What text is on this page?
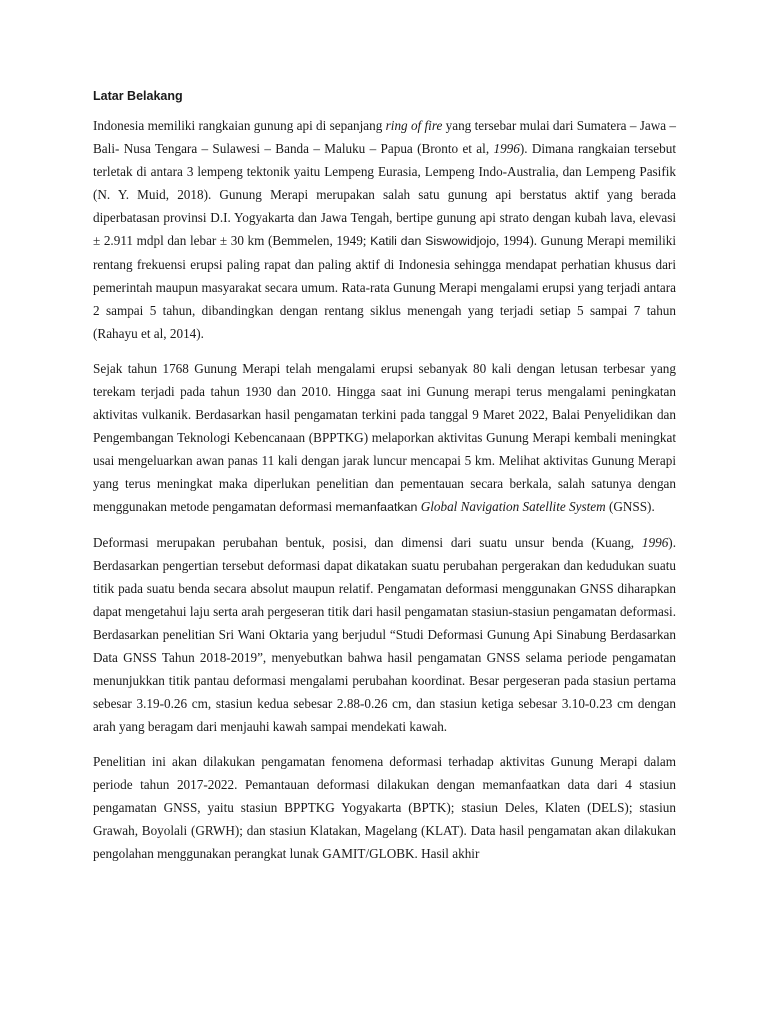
Latar Belakang

Indonesia memiliki rangkaian gunung api di sepanjang ring of fire yang tersebar mulai dari Sumatera – Jawa – Bali- Nusa Tengara – Sulawesi – Banda – Maluku – Papua (Bronto et al, 1996). Dimana rangkaian tersebut terletak di antara 3 lempeng tektonik yaitu Lempeng Eurasia, Lempeng Indo-Australia, dan Lempeng Pasifik (N. Y. Muid, 2018). Gunung Merapi merupakan salah satu gunung api berstatus aktif yang berada diperbatasan provinsi D.I. Yogyakarta dan Jawa Tengah, bertipe gunung api strato dengan kubah lava, elevasi ± 2.911 mdpl dan lebar ± 30 km (Bemmelen, 1949; Katili dan Siswowidjojo, 1994). Gunung Merapi memiliki rentang frekuensi erupsi paling rapat dan paling aktif di Indonesia sehingga mendapat perhatian khusus dari pemerintah maupun masyarakat secara umum. Rata-rata Gunung Merapi mengalami erupsi yang terjadi antara 2 sampai 5 tahun, dibandingkan dengan rentang siklus menengah yang terjadi setiap 5 sampai 7 tahun (Rahayu et al, 2014).

Sejak tahun 1768 Gunung Merapi telah mengalami erupsi sebanyak 80 kali dengan letusan terbesar yang terekam terjadi pada tahun 1930 dan 2010. Hingga saat ini Gunung merapi terus mengalami peningkatan aktivitas vulkanik. Berdasarkan hasil pengamatan terkini pada tanggal 9 Maret 2022, Balai Penyelidikan dan Pengembangan Teknologi Kebencanaan (BPPTKG) melaporkan aktivitas Gunung Merapi kembali meningkat usai mengeluarkan awan panas 11 kali dengan jarak luncur mencapai 5 km. Melihat aktivitas Gunung Merapi yang terus meningkat maka diperlukan penelitian dan pementauan secara berkala, salah satunya dengan menggunakan metode pengamatan deformasi memanfaatkan Global Navigation Satellite System (GNSS).

Deformasi merupakan perubahan bentuk, posisi, dan dimensi dari suatu unsur benda (Kuang, 1996). Berdasarkan pengertian tersebut deformasi dapat dikatakan suatu perubahan pergerakan dan kedudukan suatu titik pada suatu benda secara absolut maupun relatif. Pengamatan deformasi menggunakan GNSS diharapkan dapat mengetahui laju serta arah pergeseran titik dari hasil pengamatan stasiun-stasiun pengamatan deformasi. Berdasarkan penelitian Sri Wani Oktaria yang berjudul “Studi Deformasi Gunung Api Sinabung Berdasarkan Data GNSS Tahun 2018-2019”, menyebutkan bahwa hasil pengamatan GNSS selama periode pengamatan menunjukkan titik pantau deformasi mengalami perubahan koordinat. Besar pergeseran pada stasiun pertama sebesar 3.19-0.26 cm, stasiun kedua sebesar 2.88-0.26 cm, dan stasiun ketiga sebesar 3.10-0.23 cm dengan arah yang beragam dari menjauhi kawah sampai mendekati kawah.

Penelitian ini akan dilakukan pengamatan fenomena deformasi terhadap aktivitas Gunung Merapi dalam periode tahun 2017-2022. Pemantauan deformasi dilakukan dengan memanfaatkan data dari 4 stasiun pengamatan GNSS, yaitu stasiun BPPTKG Yogyakarta (BPTK); stasiun Deles, Klaten (DELS); stasiun Grawah, Boyolali (GRWH); dan stasiun Klatakan, Magelang (KLAT). Data hasil pengamatan akan dilakukan pengolahan menggunakan perangkat lunak GAMIT/GLOBK. Hasil akhir
